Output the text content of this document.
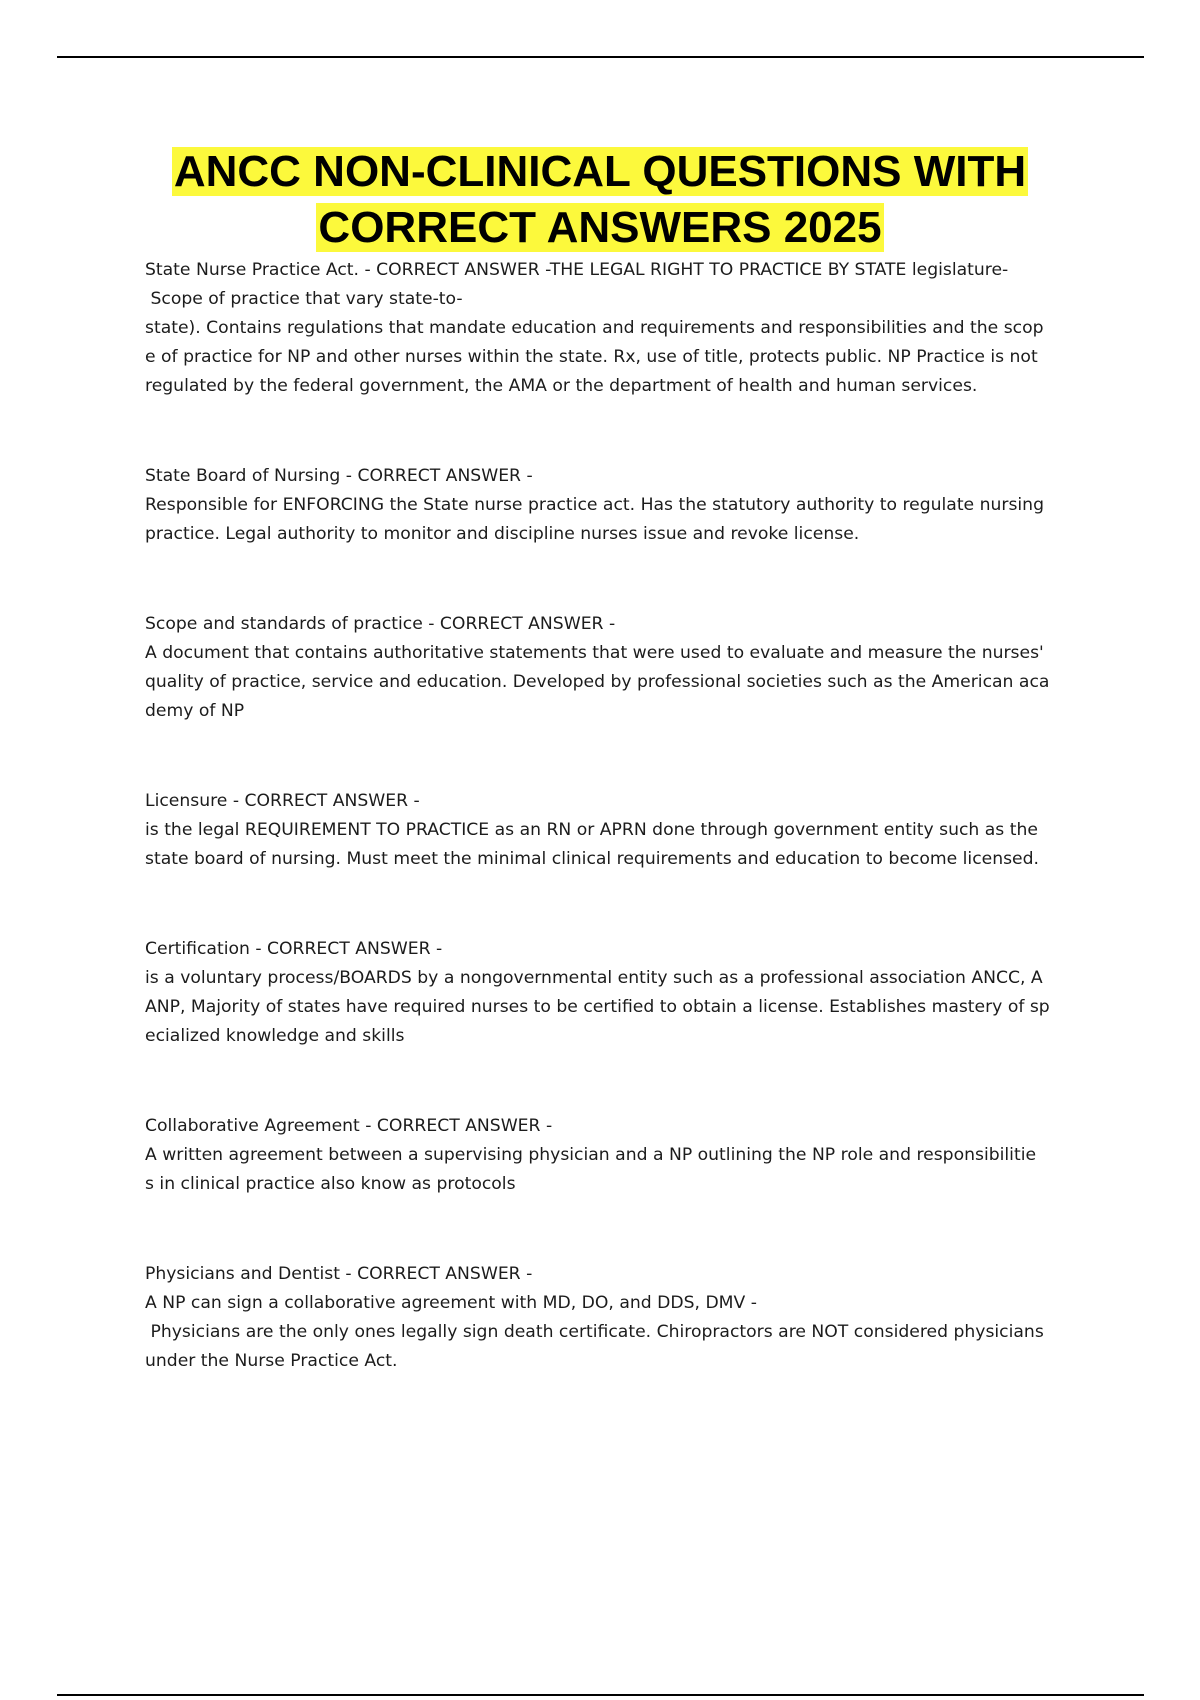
ANCC NON-CLINICAL QUESTIONS WITH
CORRECT ANSWERS 2025

State Nurse Practice Act. - CORRECT ANSWER -THE LEGAL RIGHT TO PRACTICE BY STATE legislature-

Scope of practice that vary state-to-

state). Contains regulations that mandate education and requirements and responsibilities and the scop

e of practice for NP and other nurses within the state. Rx, use of title, protects public. NP Practice is not

regulated by the federal government, the AMA or the department of health and human services.

State Board of Nursing - CORRECT ANSWER -

Responsible for ENFORCING the State nurse practice act. Has the statutory authority to regulate nursing

practice. Legal authority to monitor and discipline nurses issue and revoke license.

Scope and standards of practice - CORRECT ANSWER -

A document that contains authoritative statements that were used to evaluate and measure the nurses'

quality of practice, service and education. Developed by professional societies such as the American aca

demy of NP

Licensure - CORRECT ANSWER -

is the legal REQUIREMENT TO PRACTICE as an RN or APRN done through government entity such as the

state board of nursing. Must meet the minimal clinical requirements and education to become licensed.

Certification - CORRECT ANSWER -

is a voluntary process/BOARDS by a nongovernmental entity such as a professional association ANCC, A

ANP, Majority of states have required nurses to be certified to obtain a license. Establishes mastery of sp

ecialized knowledge and skills

Collaborative Agreement - CORRECT ANSWER -

A written agreement between a supervising physician and a NP outlining the NP role and responsibilitie

s in clinical practice also know as protocols

Physicians and Dentist - CORRECT ANSWER -

A NP can sign a collaborative agreement with MD, DO, and DDS, DMV -

Physicians are the only ones legally sign death certificate. Chiropractors are NOT considered physicians

under the Nurse Practice Act.
